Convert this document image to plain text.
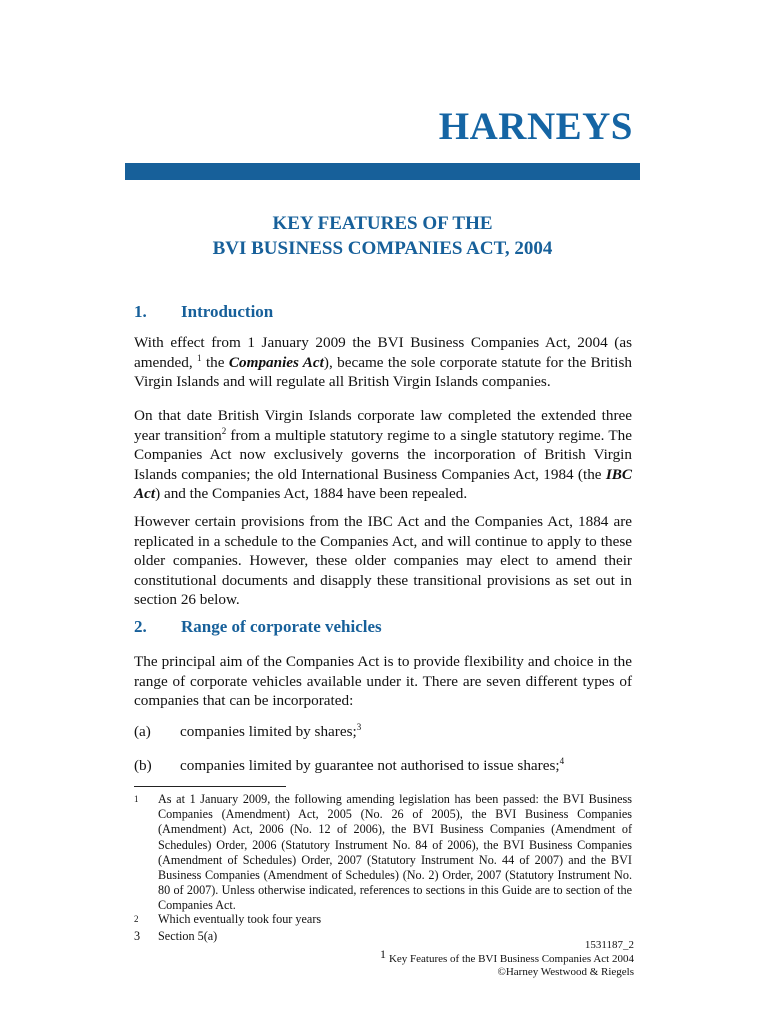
HARNEYS
KEY FEATURES OF THE
BVI BUSINESS COMPANIES ACT, 2004
1. Introduction
With effect from 1 January 2009 the BVI Business Companies Act, 2004 (as amended, $^1$ the Companies Act), became the sole corporate statute for the British Virgin Islands and will regulate all British Virgin Islands companies.
On that date British Virgin Islands corporate law completed the extended three year transition$^2$ from a multiple statutory regime to a single statutory regime. The Companies Act now exclusively governs the incorporation of British Virgin Islands companies; the old International Business Companies Act, 1984 (the IBC Act) and the Companies Act, 1884 have been repealed.
However certain provisions from the IBC Act and the Companies Act, 1884 are replicated in a schedule to the Companies Act, and will continue to apply to these older companies. However, these older companies may elect to amend their constitutional documents and disapply these transitional provisions as set out in section 26 below.
2. Range of corporate vehicles
The principal aim of the Companies Act is to provide flexibility and choice in the range of corporate vehicles available under it. There are seven different types of companies that can be incorporated:
(a) companies limited by shares;$^3$
(b) companies limited by guarantee not authorised to issue shares;$^4$
1 As at 1 January 2009, the following amending legislation has been passed: the BVI Business Companies (Amendment) Act, 2005 (No. 26 of 2005), the BVI Business Companies (Amendment) Act, 2006 (No. 12 of 2006), the BVI Business Companies (Amendment of Schedules) Order, 2006 (Statutory Instrument No. 84 of 2006), the BVI Business Companies (Amendment of Schedules) Order, 2007 (Statutory Instrument No. 44 of 2007) and the BVI Business Companies (Amendment of Schedules) (No. 2) Order, 2007 (Statutory Instrument No. 80 of 2007). Unless otherwise indicated, references to sections in this Guide are to section of the Companies Act.
2 Which eventually took four years
3 Section 5(a)
1
1531187_2
Key Features of the BVI Business Companies Act 2004
©Harney Westwood & Riegels
